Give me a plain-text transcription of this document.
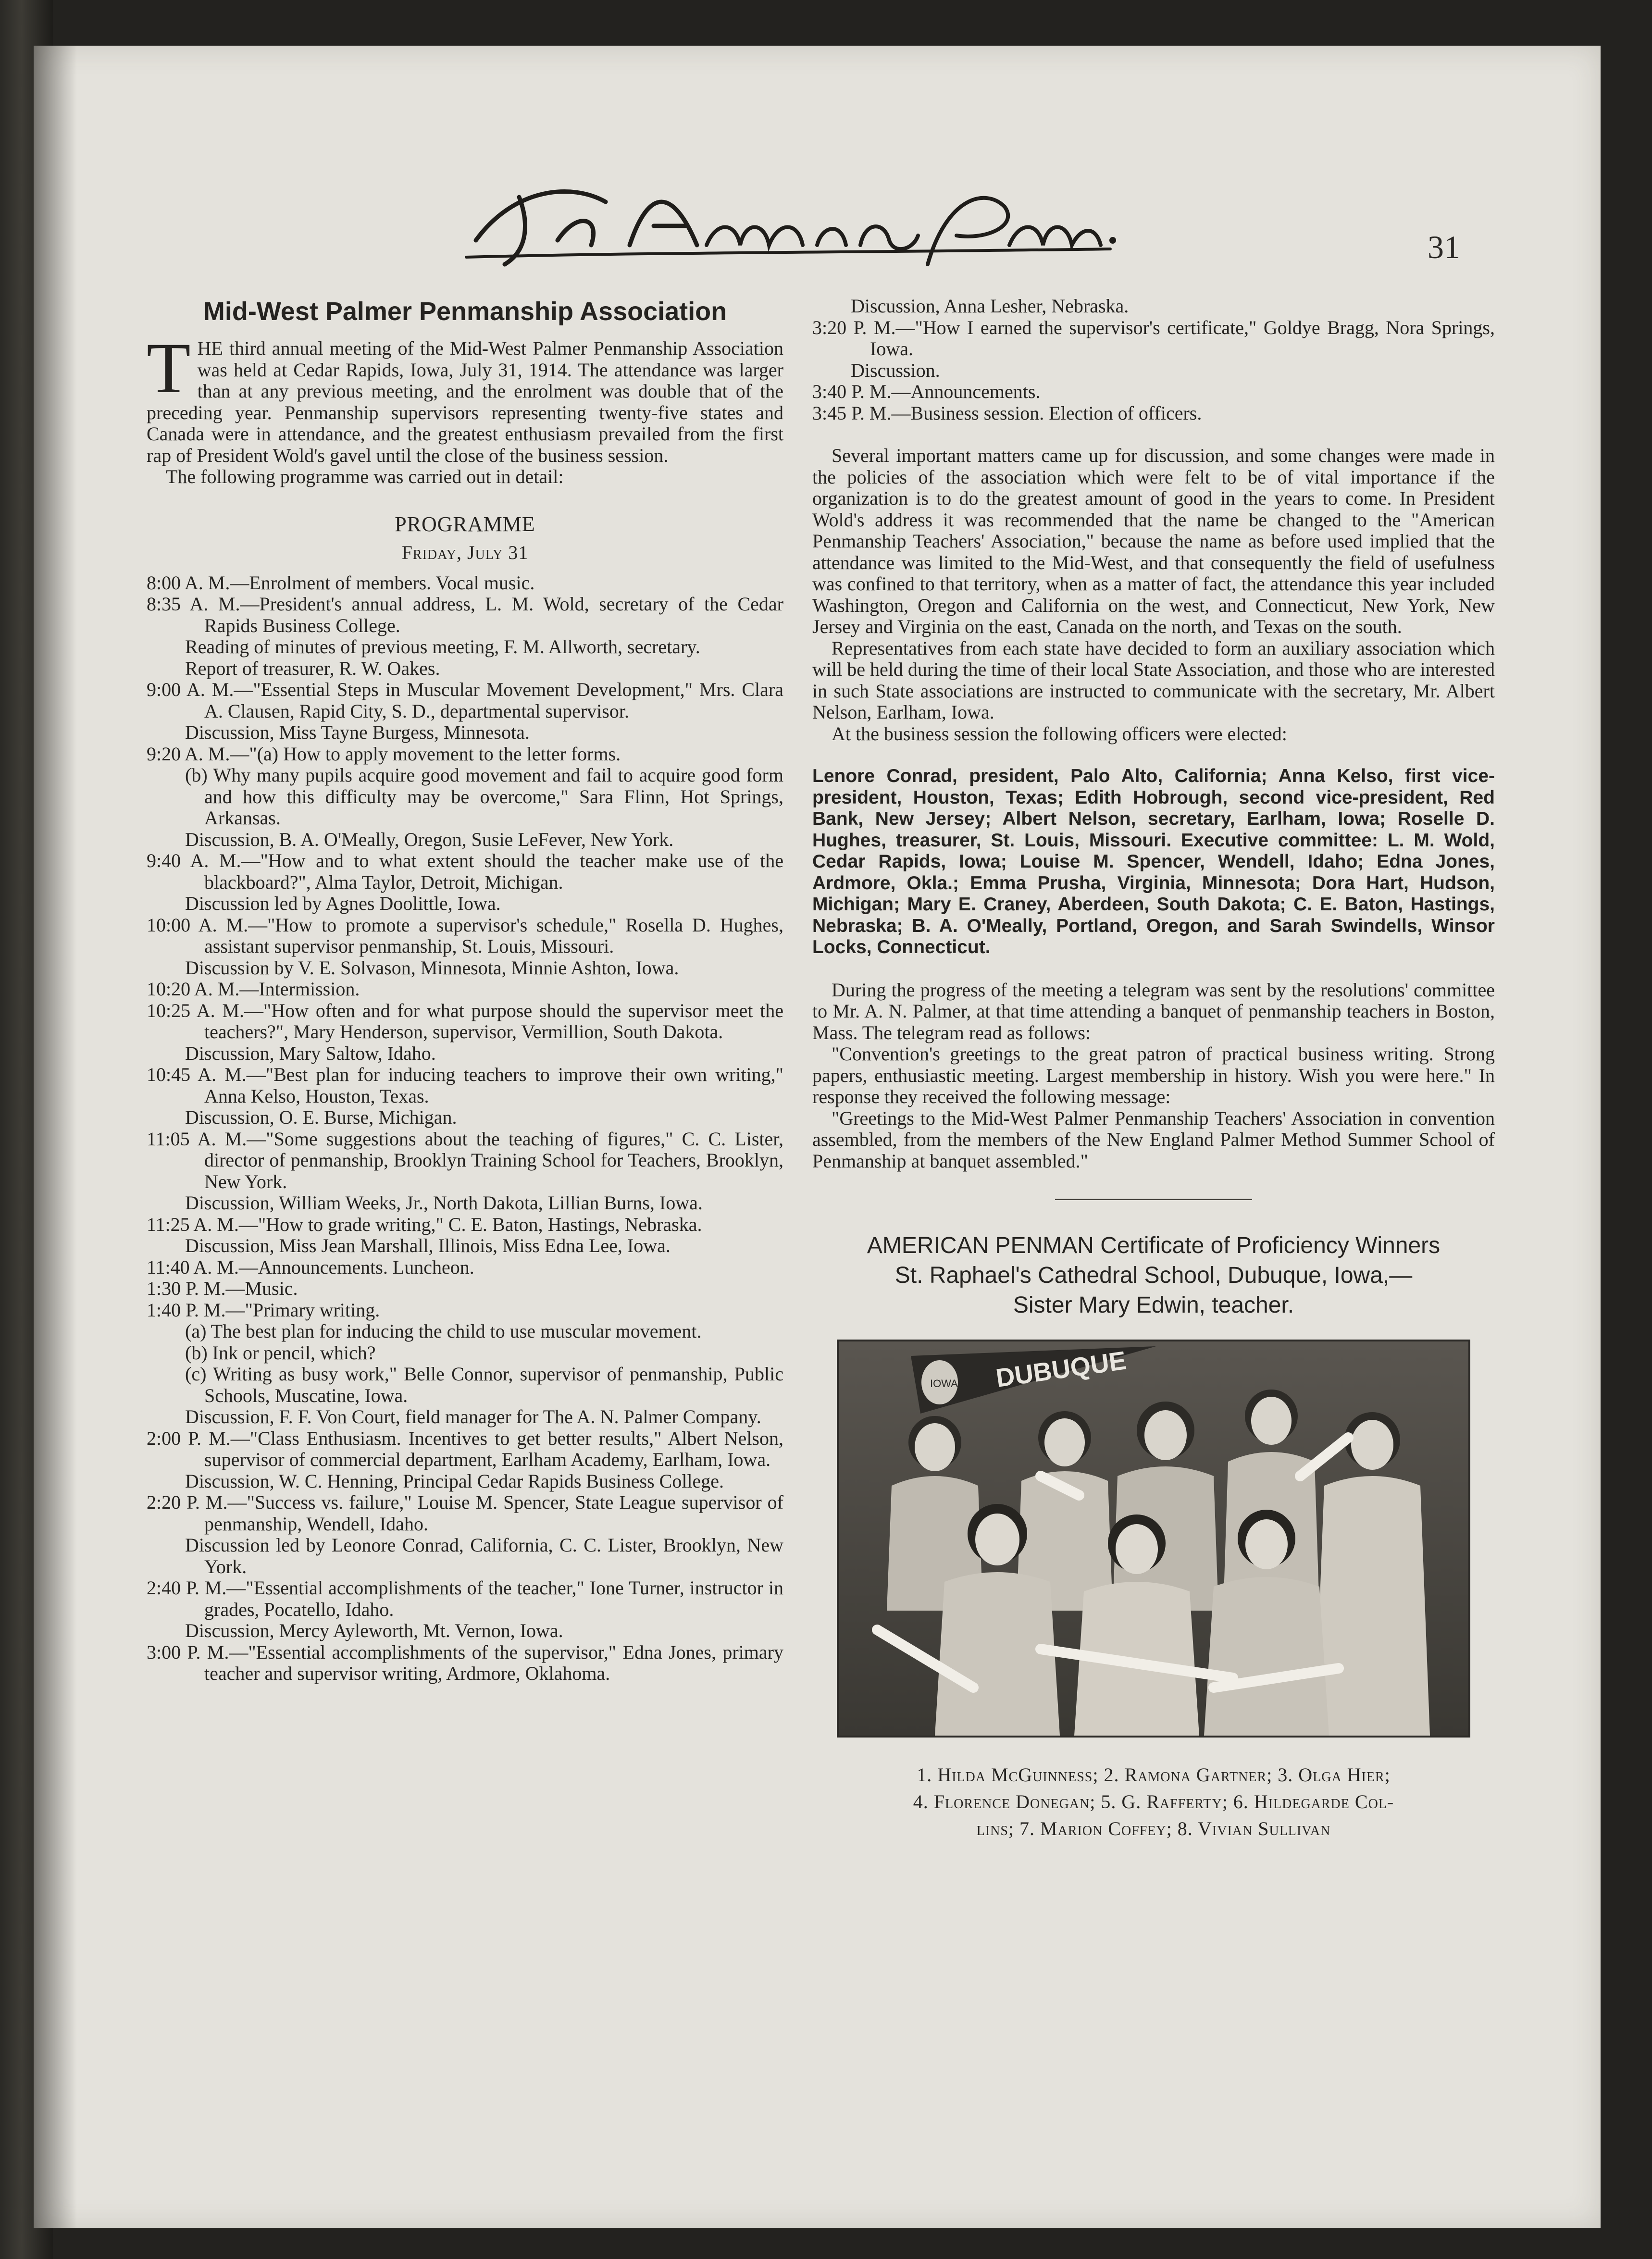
31
Mid-West Palmer Penmanship Association

T HE third annual meeting of the Mid-West Palmer Penmanship Association was held at Cedar Rapids, Iowa, July 31, 1914. The attendance was larger than at any previous meeting, and the enrolment was double that of the preceding year. Penmanship supervisors representing twenty-five states and Canada were in attendance, and the greatest enthusiasm prevailed from the first rap of President Wold's gavel until the close of the business session.

The following programme was carried out in detail:

PROGRAMME
Friday, July 31
8:00 A. M.—Enrolment of members. Vocal music.
8:35 A. M.—President's annual address, L. M. Wold, secretary of the Cedar Rapids Business College.
Reading of minutes of previous meeting, F. M. Allworth, secretary.
Report of treasurer, R. W. Oakes.
9:00 A. M.—"Essential Steps in Muscular Movement Development," Mrs. Clara A. Clausen, Rapid City, S. D., departmental supervisor.
Discussion, Miss Tayne Burgess, Minnesota.
9:20 A. M.—"(a) How to apply movement to the letter forms.
(b) Why many pupils acquire good movement and fail to acquire good form and how this difficulty may be overcome," Sara Flinn, Hot Springs, Arkansas.
Discussion, B. A. O'Meally, Oregon, Susie LeFever, New York.
9:40 A. M.—"How and to what extent should the teacher make use of the blackboard?", Alma Taylor, Detroit, Michigan.
Discussion led by Agnes Doolittle, Iowa.
10:00 A. M.—"How to promote a supervisor's schedule," Rosella D. Hughes, assistant supervisor penmanship, St. Louis, Missouri.
Discussion by V. E. Solvason, Minnesota, Minnie Ashton, Iowa.
10:20 A. M.—Intermission.
10:25 A. M.—"How often and for what purpose should the supervisor meet the teachers?", Mary Henderson, supervisor, Vermillion, South Dakota.
Discussion, Mary Saltow, Idaho.
10:45 A. M.—"Best plan for inducing teachers to improve their own writing," Anna Kelso, Houston, Texas.
Discussion, O. E. Burse, Michigan.
11:05 A. M.—"Some suggestions about the teaching of figures," C. C. Lister, director of penmanship, Brooklyn Training School for Teachers, Brooklyn, New York.
Discussion, William Weeks, Jr., North Dakota, Lillian Burns, Iowa.
11:25 A. M.—"How to grade writing," C. E. Baton, Hastings, Nebraska.
Discussion, Miss Jean Marshall, Illinois, Miss Edna Lee, Iowa.
11:40 A. M.—Announcements. Luncheon.
1:30 P. M.—Music.
1:40 P. M.—"Primary writing.
(a) The best plan for inducing the child to use muscular movement.
(b) Ink or pencil, which?
(c) Writing as busy work," Belle Connor, supervisor of penmanship, Public Schools, Muscatine, Iowa.
Discussion, F. F. Von Court, field manager for The A. N. Palmer Company.
2:00 P. M.—"Class Enthusiasm. Incentives to get better results," Albert Nelson, supervisor of commercial department, Earlham Academy, Earlham, Iowa.
Discussion, W. C. Henning, Principal Cedar Rapids Business College.
2:20 P. M.—"Success vs. failure," Louise M. Spencer, State League supervisor of penmanship, Wendell, Idaho.
Discussion led by Leonore Conrad, California, C. C. Lister, Brooklyn, New York.
2:40 P. M.—"Essential accomplishments of the teacher," Ione Turner, instructor in grades, Pocatello, Idaho.
Discussion, Mercy Ayleworth, Mt. Vernon, Iowa.
3:00 P. M.—"Essential accomplishments of the supervisor," Edna Jones, primary teacher and supervisor writing, Ardmore, Oklahoma.
Discussion, Anna Lesher, Nebraska.
3:20 P. M.—"How I earned the supervisor's certificate," Goldye Bragg, Nora Springs, Iowa.
Discussion.
3:40 P. M.—Announcements.
3:45 P. M.—Business session. Election of officers.

Several important matters came up for discussion, and some changes were made in the policies of the association which were felt to be of vital importance if the organization is to do the greatest amount of good in the years to come. In President Wold's address it was recommended that the name be changed to the "American Penmanship Teachers' Association," because the name as before used implied that the attendance was limited to the Mid-West, and that consequently the field of usefulness was confined to that territory, when as a matter of fact, the attendance this year included Washington, Oregon and California on the west, and Connecticut, New York, New Jersey and Virginia on the east, Canada on the north, and Texas on the south.

Representatives from each state have decided to form an auxiliary association which will be held during the time of their local State Association, and those who are interested in such State associations are instructed to communicate with the secretary, Mr. Albert Nelson, Earlham, Iowa.

At the business session the following officers were elected:

Lenore Conrad, president, Palo Alto, California; Anna Kelso, first vice-president, Houston, Texas; Edith Hobrough, second vice-president, Red Bank, New Jersey; Albert Nelson, secretary, Earlham, Iowa; Roselle D. Hughes, treasurer, St. Louis, Missouri. Executive committee: L. M. Wold, Cedar Rapids, Iowa; Louise M. Spencer, Wendell, Idaho; Edna Jones, Ardmore, Okla.; Emma Prusha, Virginia, Minnesota; Dora Hart, Hudson, Michigan; Mary E. Craney, Aberdeen, South Dakota; C. E. Baton, Hastings, Nebraska; B. A. O'Meally, Portland, Oregon, and Sarah Swindells, Winsor Locks, Connecticut.

During the progress of the meeting a telegram was sent by the resolutions' committee to Mr. A. N. Palmer, at that time attending a banquet of penmanship teachers in Boston, Mass. The telegram read as follows:

"Convention's greetings to the great patron of practical business writing. Strong papers, enthusiastic meeting. Largest membership in history. Wish you were here." In response they received the following message:

"Greetings to the Mid-West Palmer Penmanship Teachers' Association in convention assembled, from the members of the New England Palmer Method Summer School of Penmanship at banquet assembled."

AMERICAN PENMAN Certificate of Proficiency Winners
St. Raphael's Cathedral School, Dubuque, Iowa,—
Sister Mary Edwin, teacher.
DUBUQUE
IOWA
1. Hilda McGuinness; 2. Ramona Gartner; 3. Olga Hier;
4. Florence Donegan; 5. G. Rafferty; 6. Hildegarde Col-
lins; 7. Marion Coffey; 8. Vivian Sullivan
